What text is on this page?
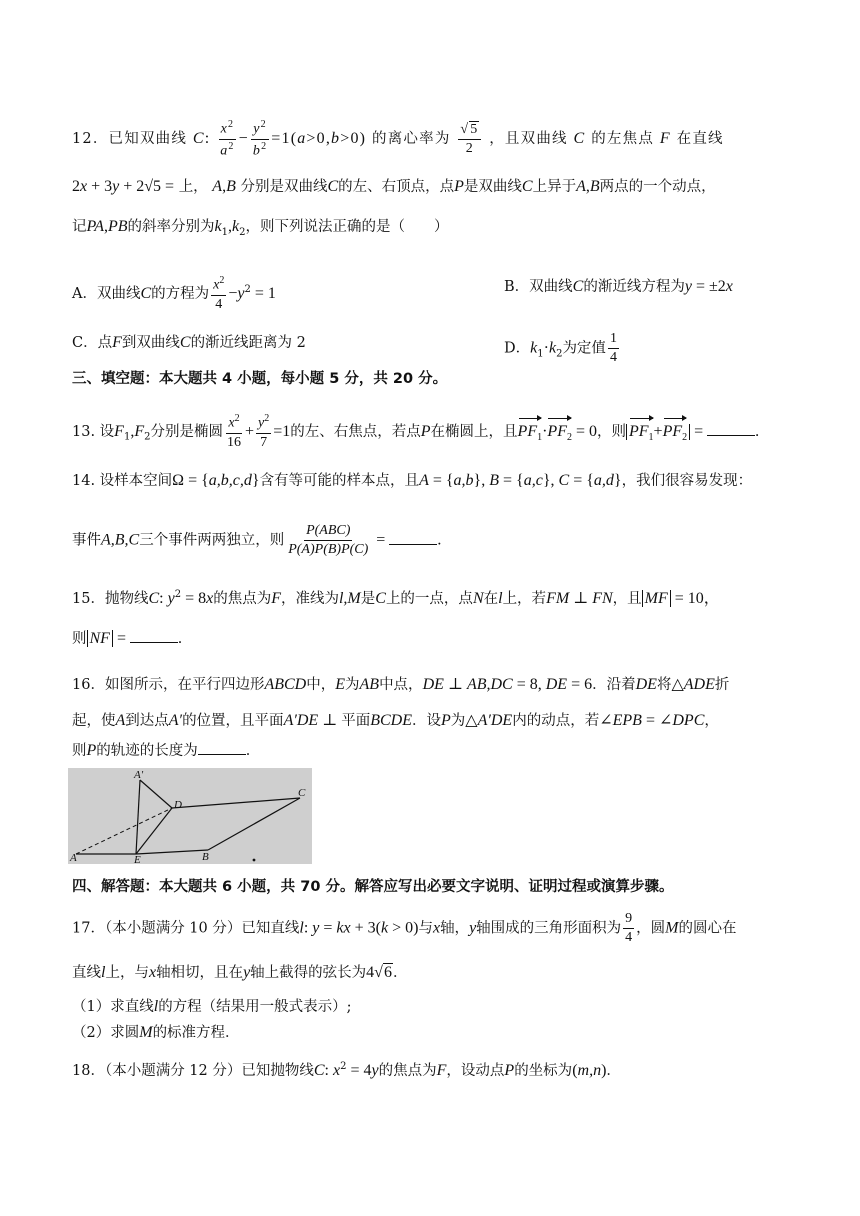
12．已知双曲线 C: $\frac{x^2}{a^2} - \frac{y^2}{b^2} =1(a>0,b>0)$ 的离心率为 $\frac{√5}{2}$ ，且双曲线 C 的左焦点 F 在直线
2x + 3y + 2√5 = 上， A,B 分别是双曲线C的左、右顶点，点P是双曲线C上异于A,B两点的一个动点，
记PA,PB的斜率分别为$k_1,k_2$，则下列说法正确的是（　　）
A．双曲线C的方程为 $\frac{x^2}{4} -y^2 = 1$	B．双曲线C的渐近线方程为y = ±2x
C．点F到双曲线C的渐近线距离为 2	D．$k_1\cdot k_2$为定值 $\frac{1}{4}$
三、填空题：本大题共 4 小题，每小题 5 分，共 20 分。
13. 设$F_1,F_2$分别是椭圆 $\frac{x^2}{16} + \frac{y^2}{7} =1$的左、右焦点，若点P在椭圆上，且$PF_1\cdot PF_2 = 0$，则 $PF_1+PF_2$ =	.
14. 设样本空间Ω = {a,b,c,d}含有等可能的样本点，且A = {a,b}, B = {a,c}, C = {a,d}，我们很容易发现：
事件A,B,C三个事件两两独立，则
P(ABC)
P(A)P(B)P(C)
=	.
15．抛物线C: $y^2 = 8x$的焦点为F，准线为l,M是C上的一点，点N在l上，若FM ⊥ FN，且 MF = 10，
则 NF =	.
16．如图所示，在平行四边形ABCD中，E为AB中点，DE ⊥ AB,DC = 8, DE = 6．沿着DE将△ADE折
起，使A到达点A′的位置，且平面A′DE ⊥ 平面BCDE．设P为△A′DE内的动点，若∠EPB = ∠DPC，
则P的轨迹的长度为	．
A′
D
C
A	E	B
四、解答题：本大题共 6 小题，共 70 分。解答应写出必要文字说明、证明过程或演算步骤。
17．（本小题满分 10 分）已知直线l: y = kx + 3(k > 0)与x轴，y轴围成的三角形面积为 $\frac{9}{4}$ ，圆M的圆心在
直线l上，与x轴相切，且在y轴上截得的弦长为4√6．
（1）求直线l的方程（结果用一般式表示）;
（2）求圆M的标准方程．
18．（本小题满分 12 分）已知抛物线C: $x^2 = 4y$的焦点为F，设动点P的坐标为(m,n)．
